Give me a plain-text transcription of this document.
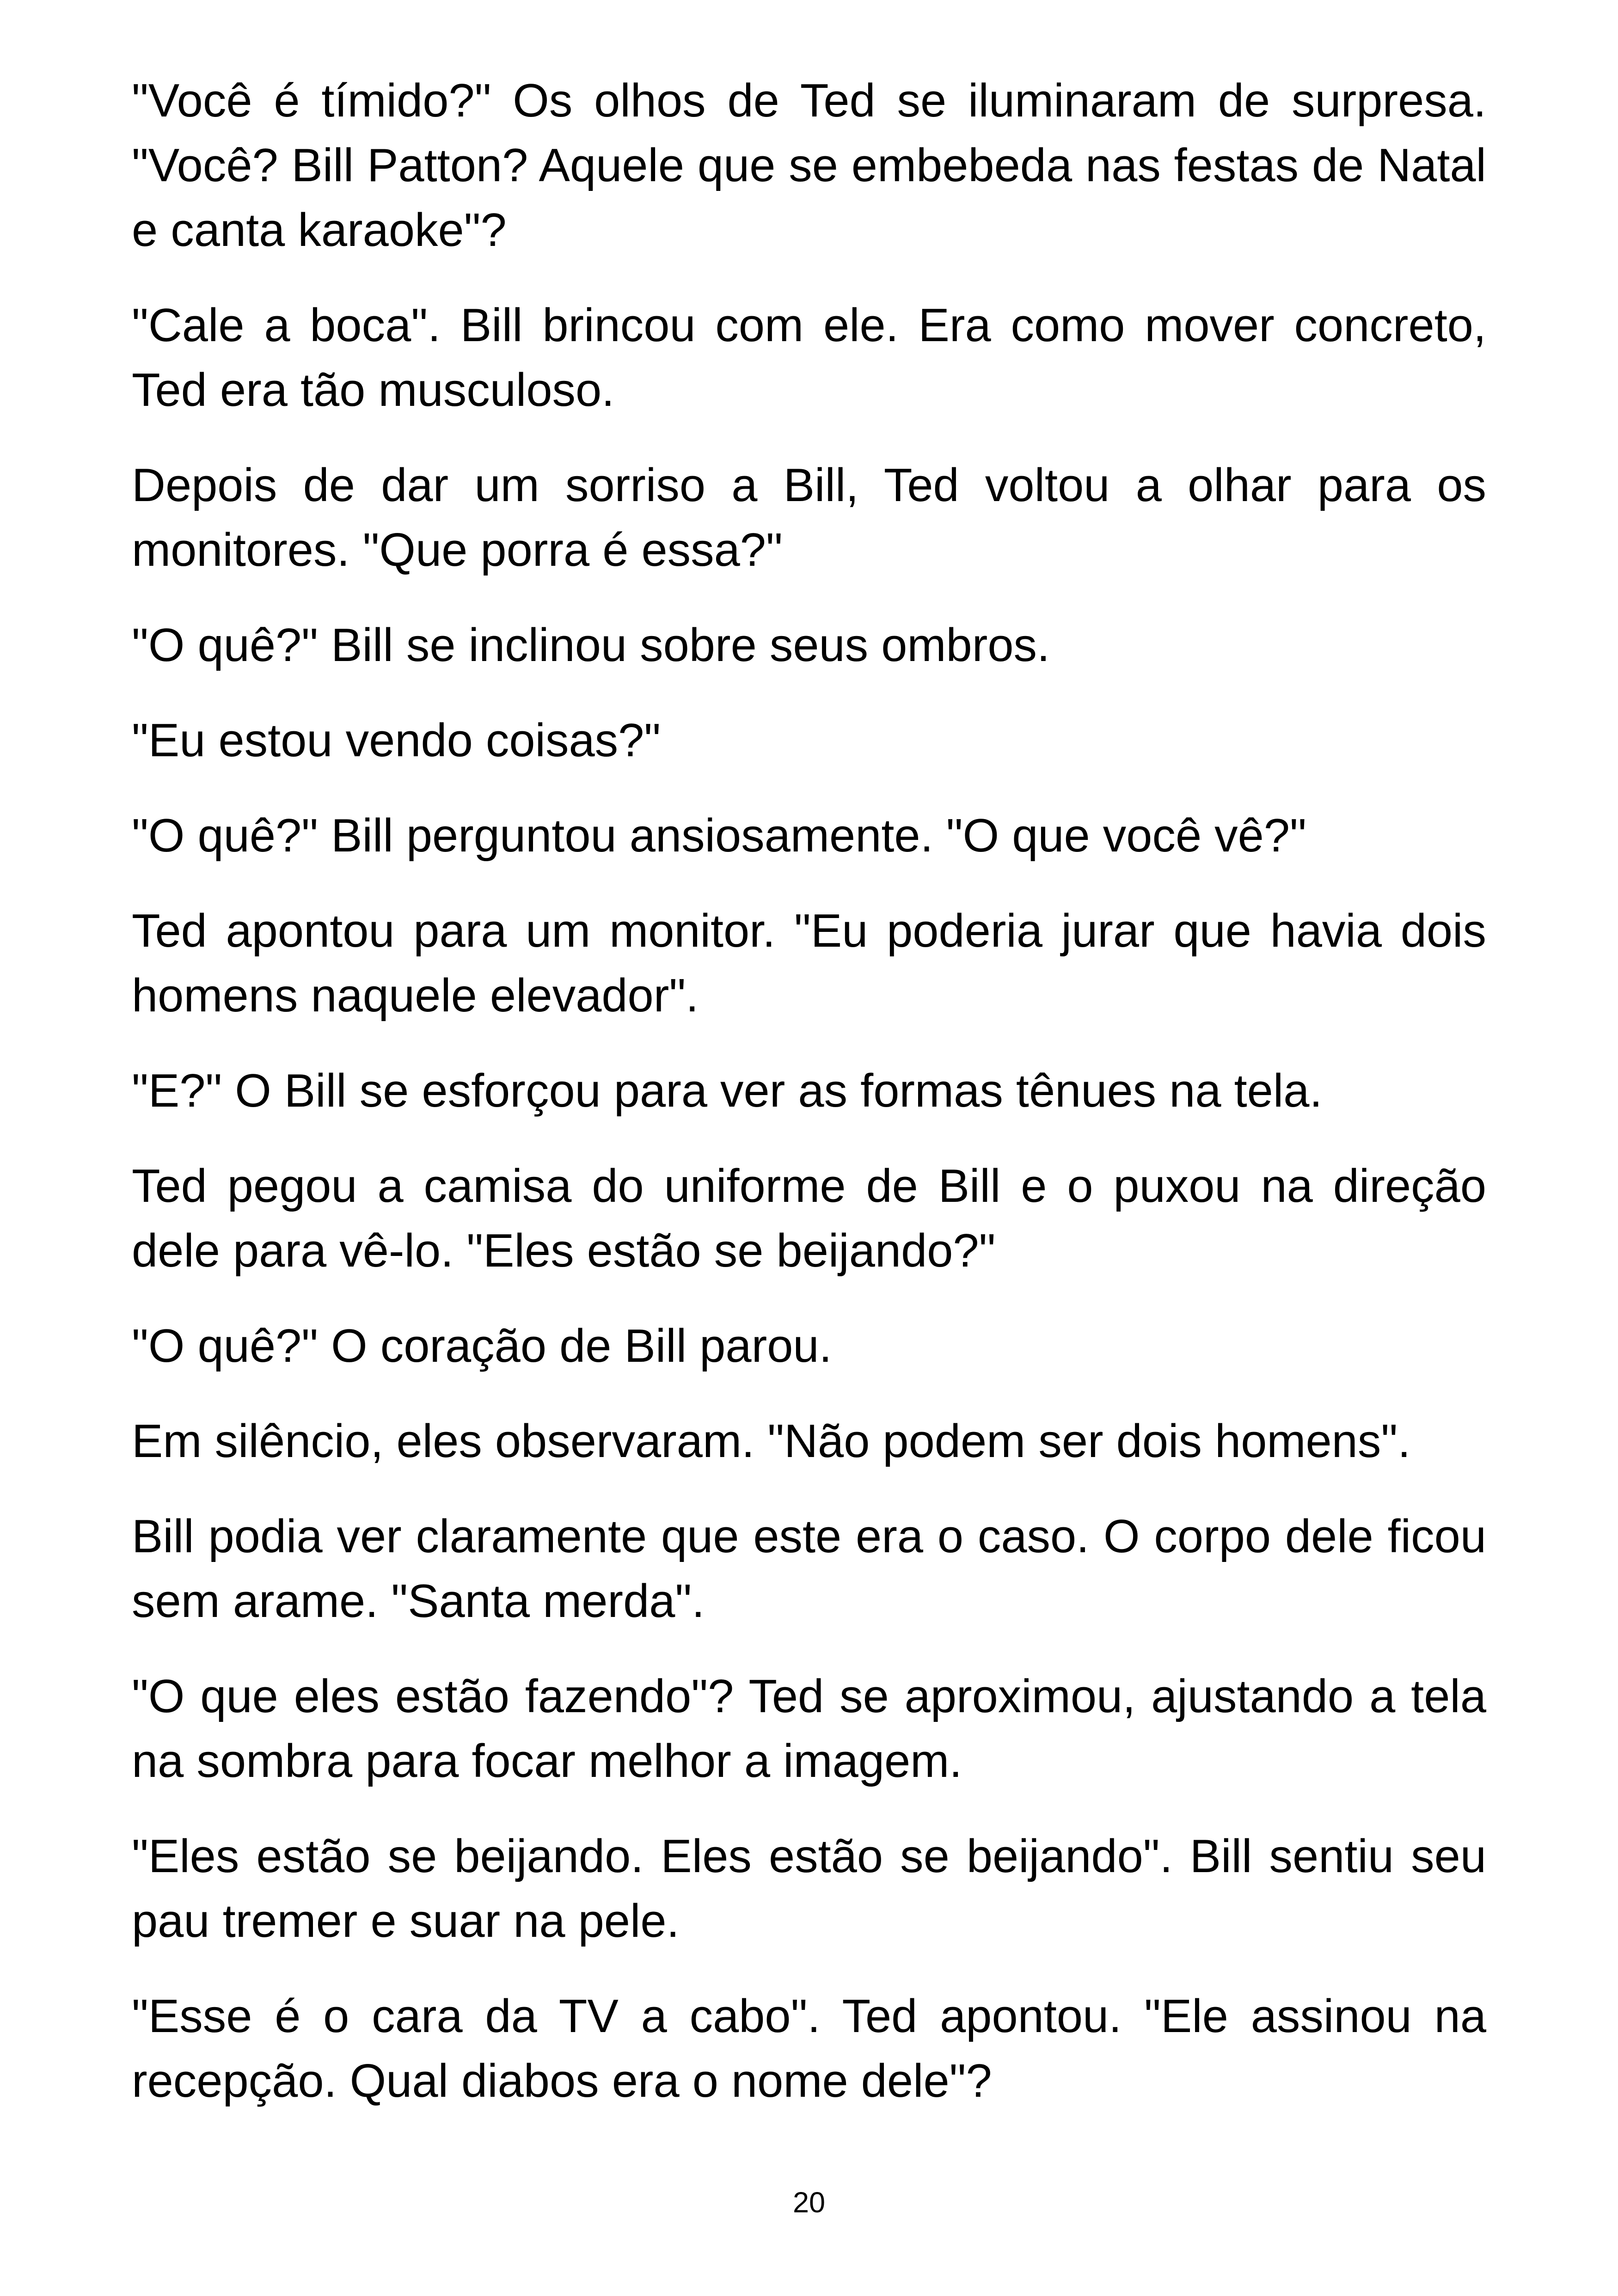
"Você é tímido?" Os olhos de Ted se iluminaram de surpresa. "Você? Bill Patton? Aquele que se embebeda nas festas de Natal e canta karaoke"?

"Cale a boca". Bill brincou com ele. Era como mover concreto, Ted era tão musculoso.

Depois de dar um sorriso a Bill, Ted voltou a olhar para os monitores. "Que porra é essa?"

"O quê?" Bill se inclinou sobre seus ombros.

"Eu estou vendo coisas?"

"O quê?" Bill perguntou ansiosamente. "O que você vê?"

Ted apontou para um monitor. "Eu poderia jurar que havia dois homens naquele elevador".

"E?" O Bill se esforçou para ver as formas tênues na tela.

Ted pegou a camisa do uniforme de Bill e o puxou na direção dele para vê-lo. "Eles estão se beijando?"

"O quê?" O coração de Bill parou.

Em silêncio, eles observaram. "Não podem ser dois homens".

Bill podia ver claramente que este era o caso. O corpo dele ficou sem arame. "Santa merda".

"O que eles estão fazendo"? Ted se aproximou, ajustando a tela na sombra para focar melhor a imagem.

"Eles estão se beijando. Eles estão se beijando". Bill sentiu seu pau tremer e suar na pele.

"Esse é o cara da TV a cabo". Ted apontou. "Ele assinou na recepção. Qual diabos era o nome dele"?

20
